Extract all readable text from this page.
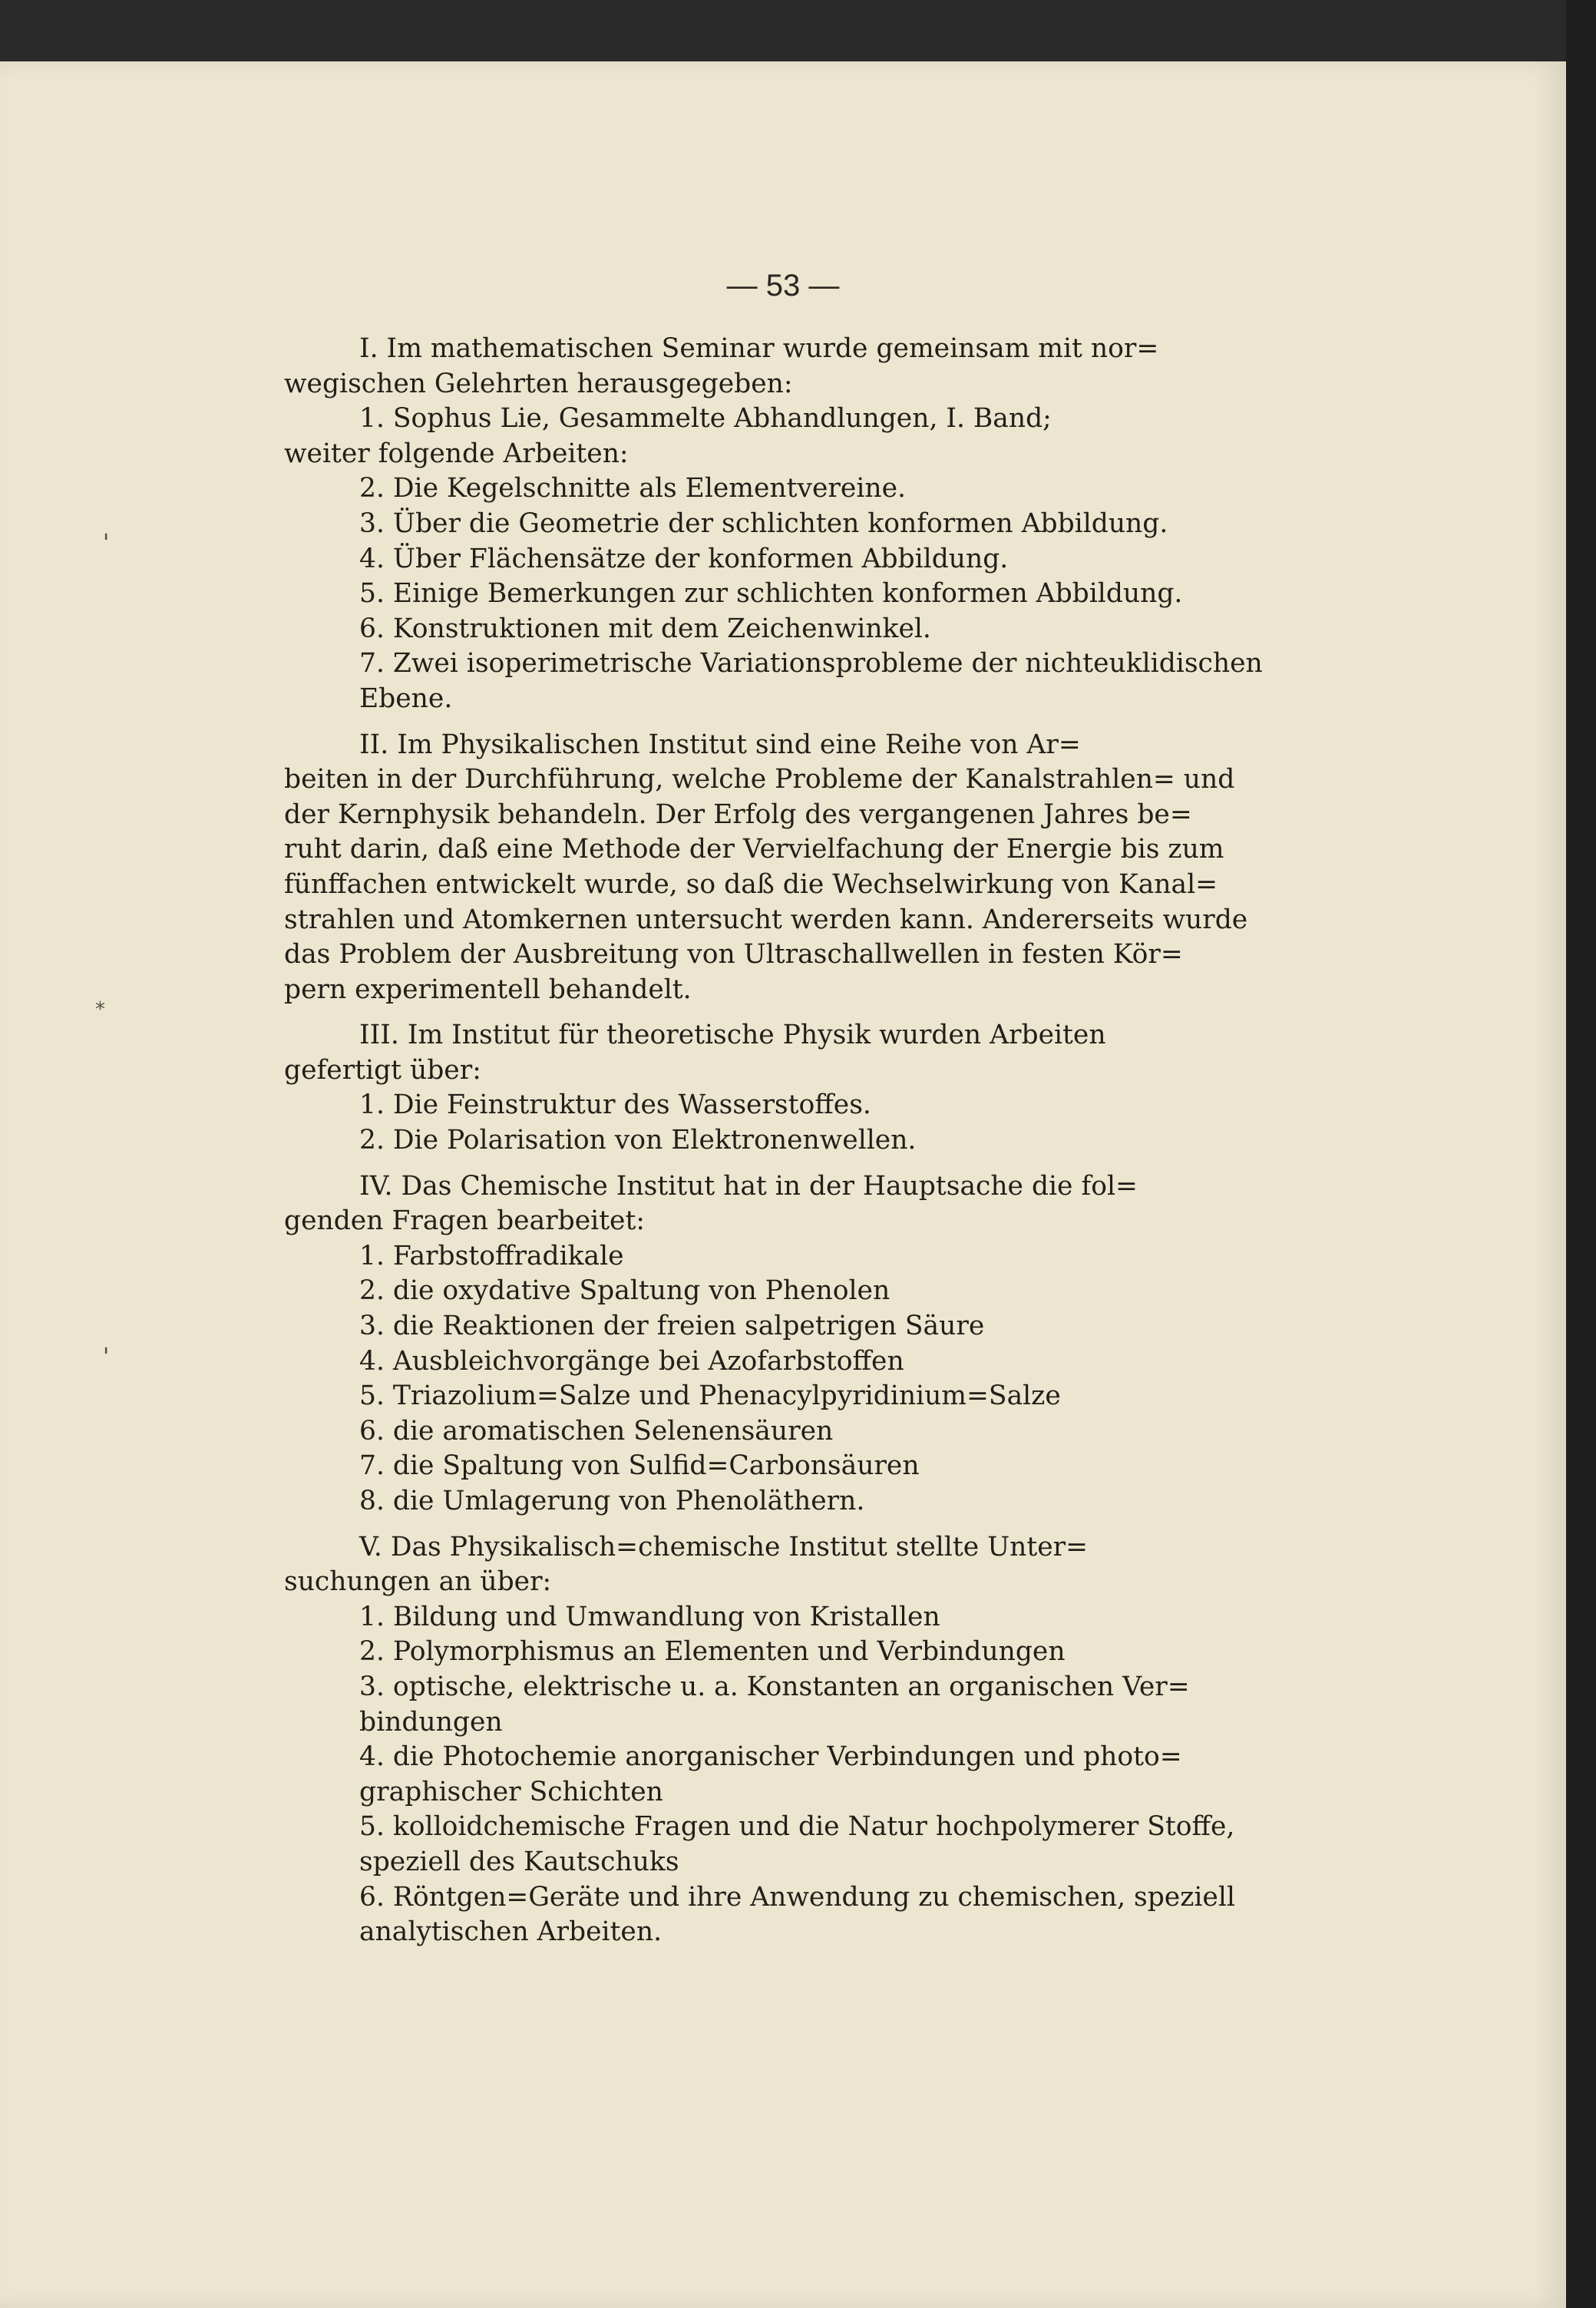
— 53 —
'
*
'
I. Im mathematischen Seminar wurde gemeinsam mit nor=
wegischen Gelehrten herausgegeben:
1. Sophus Lie, Gesammelte Abhandlungen, I. Band;
weiter folgende Arbeiten:
2. Die Kegelschnitte als Elementvereine.
3. Über die Geometrie der schlichten konformen Abbildung.
4. Über Flächensätze der konformen Abbildung.
5. Einige Bemerkungen zur schlichten konformen Abbildung.
6. Konstruktionen mit dem Zeichenwinkel.
7. Zwei isoperimetrische Variationsprobleme der nichteuklidischen
Ebene.
II. Im Physikalischen Institut sind eine Reihe von Ar=
beiten in der Durchführung, welche Probleme der Kanalstrahlen= und
der Kernphysik behandeln. Der Erfolg des vergangenen Jahres be=
ruht darin, daß eine Methode der Vervielfachung der Energie bis zum
fünffachen entwickelt wurde, so daß die Wechselwirkung von Kanal=
strahlen und Atomkernen untersucht werden kann. Andererseits wurde
das Problem der Ausbreitung von Ultraschallwellen in festen Kör=
pern experimentell behandelt.
III. Im Institut für theoretische Physik wurden Arbeiten
gefertigt über:
1. Die Feinstruktur des Wasserstoffes.
2. Die Polarisation von Elektronenwellen.
IV. Das Chemische Institut hat in der Hauptsache die fol=
genden Fragen bearbeitet:
1. Farbstoffradikale
2. die oxydative Spaltung von Phenolen
3. die Reaktionen der freien salpetrigen Säure
4. Ausbleichvorgänge bei Azofarbstoffen
5. Triazolium=Salze und Phenacylpyridinium=Salze
6. die aromatischen Selenensäuren
7. die Spaltung von Sulfid=Carbonsäuren
8. die Umlagerung von Phenoläthern.
V. Das Physikalisch=chemische Institut stellte Unter=
suchungen an über:
1. Bildung und Umwandlung von Kristallen
2. Polymorphismus an Elementen und Verbindungen
3. optische, elektrische u. a. Konstanten an organischen Ver=
bindungen
4. die Photochemie anorganischer Verbindungen und photo=
graphischer Schichten
5. kolloidchemische Fragen und die Natur hochpolymerer Stoffe,
speziell des Kautschuks
6. Röntgen=Geräte und ihre Anwendung zu chemischen, speziell
analytischen Arbeiten.
